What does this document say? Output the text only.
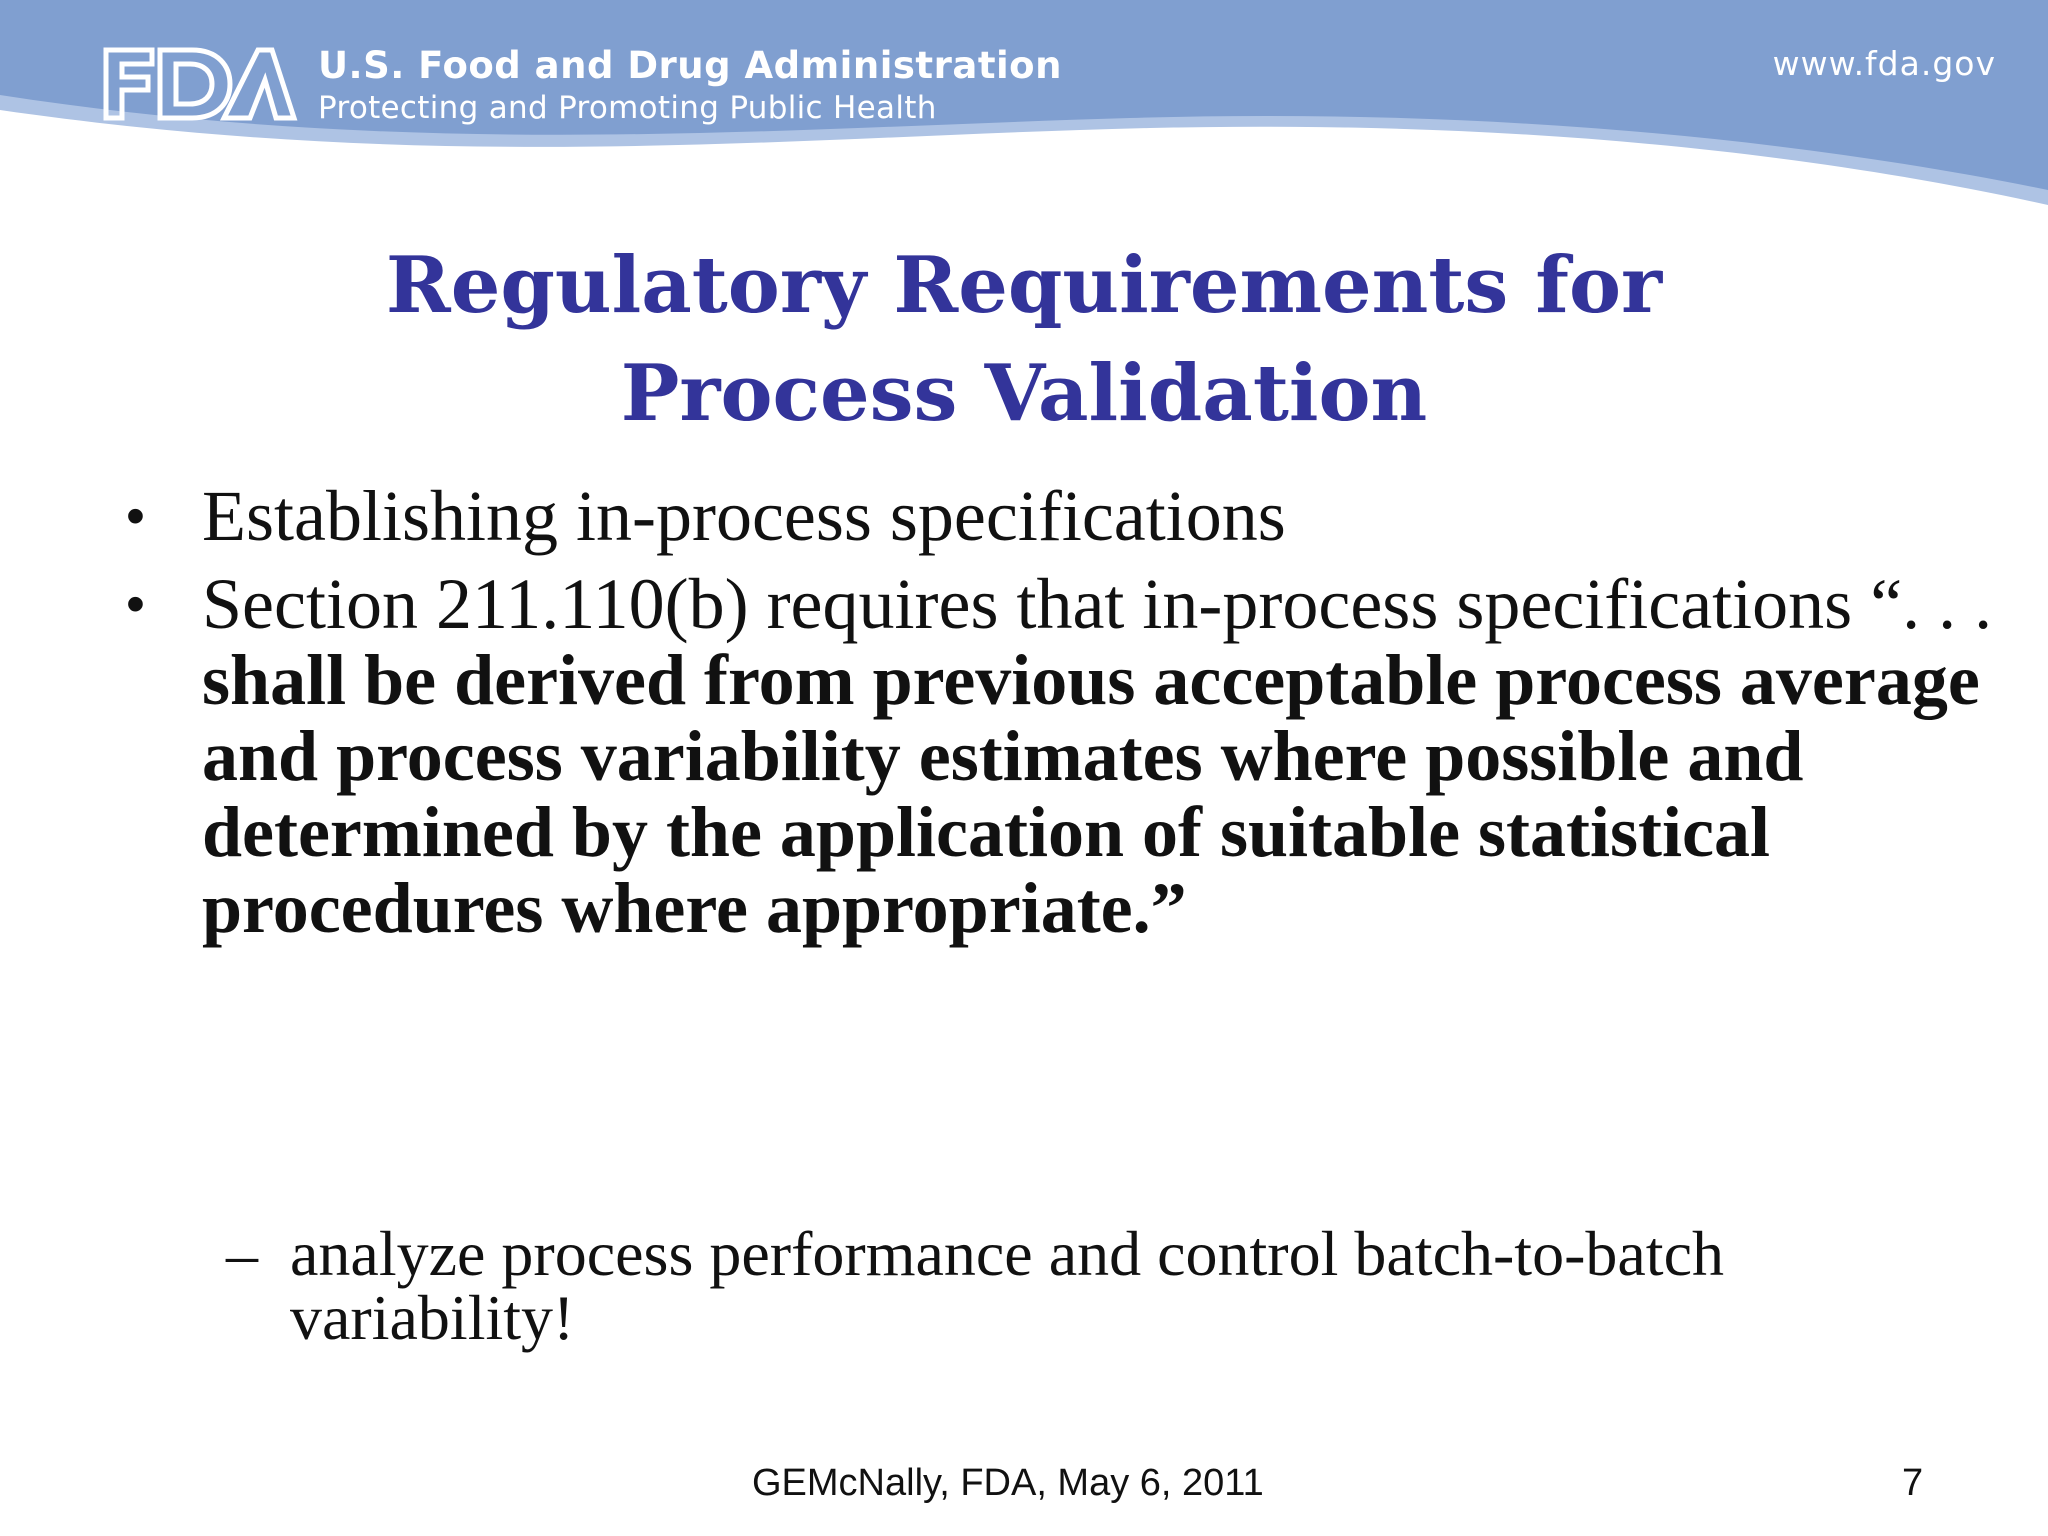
U.S. Food and Drug Administration
Protecting and Promoting Public Health
www.fda.gov
Regulatory Requirements for
Process Validation
• Establishing in-process specifications
• Section 211.110(b) requires that in-process specifications “. . . shall be derived from previous acceptable process average and process variability estimates where possible and determined by the application of suitable statistical procedures where appropriate.”
– analyze process performance and control batch-to-batch variability!
GEMcNally, FDA, May 6, 2011	7
